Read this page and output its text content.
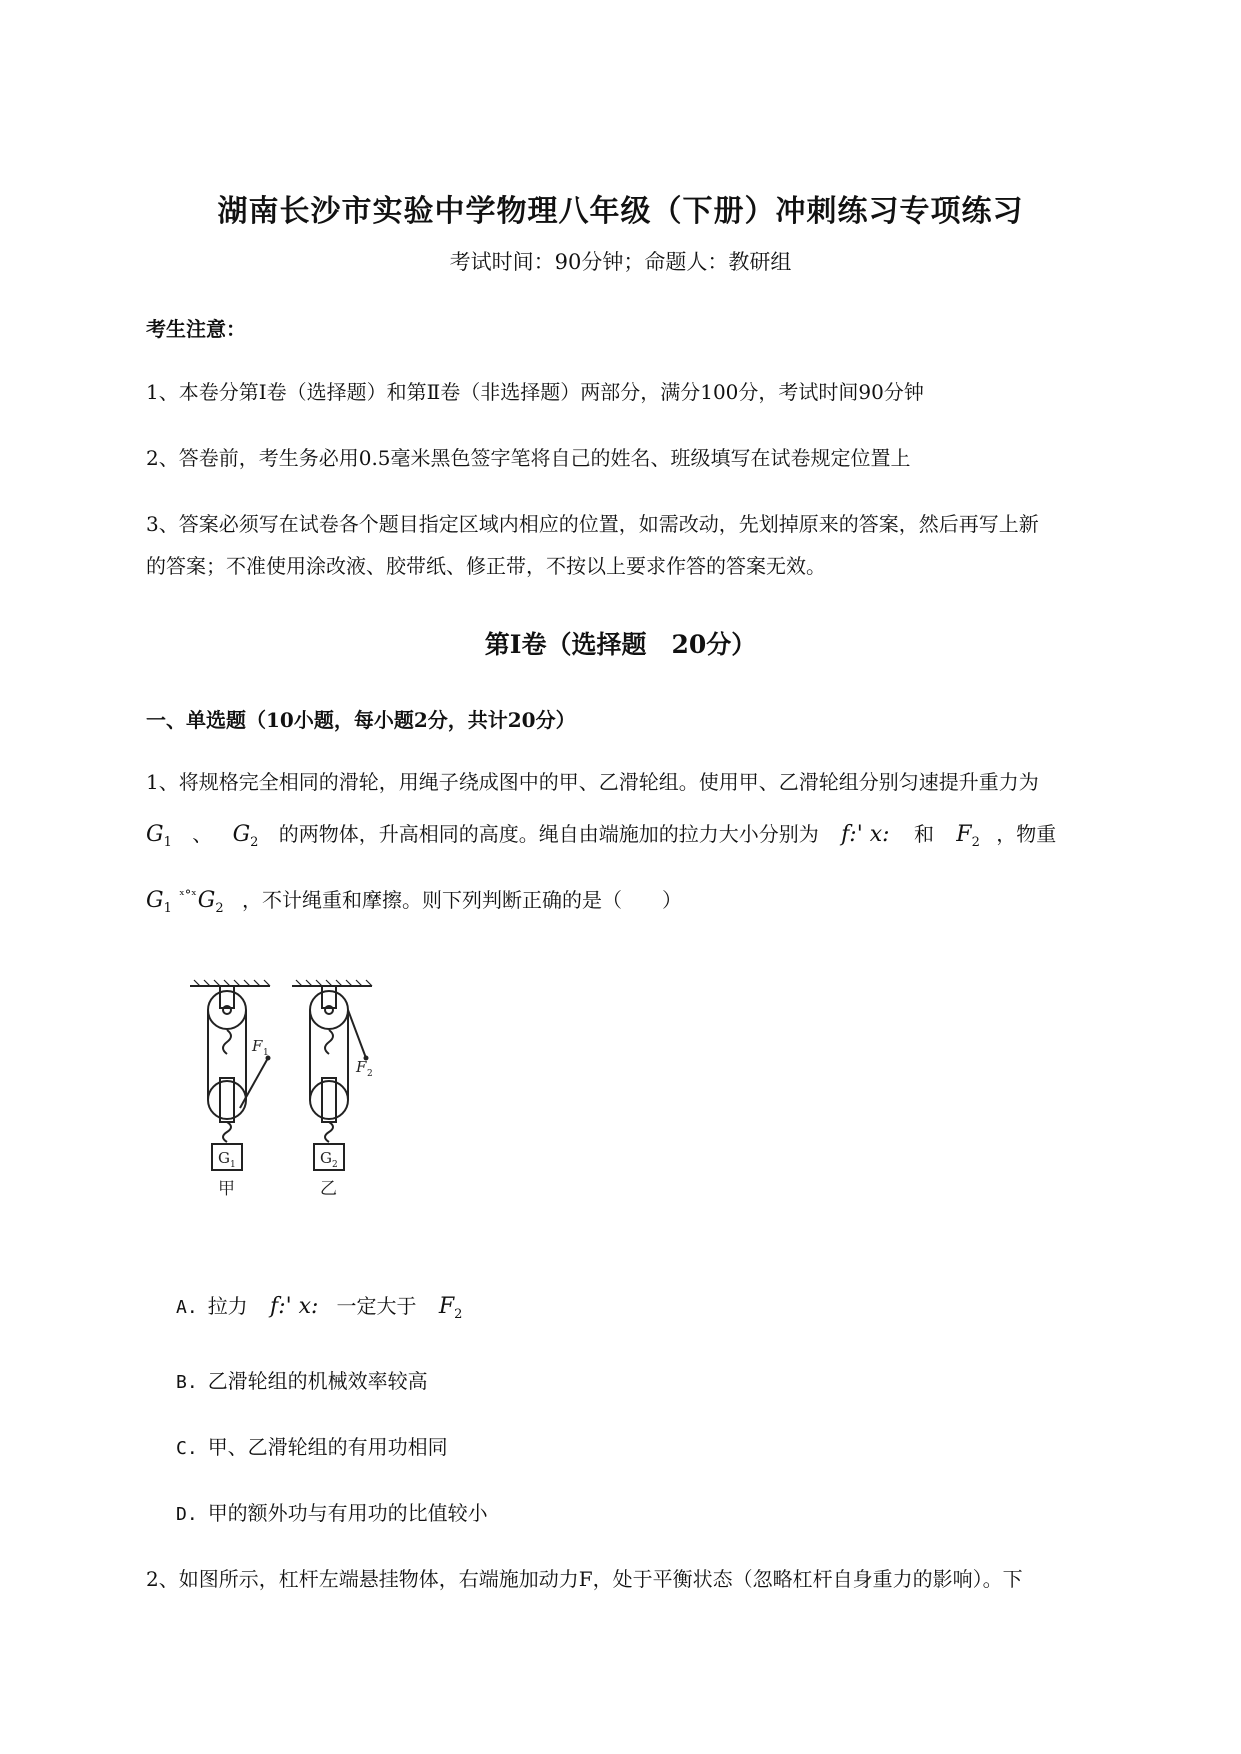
湖南长沙市实验中学物理八年级（下册）冲刺练习专项练习
考试时间：90分钟；命题人：教研组
考生注意：
1、本卷分第Ⅰ卷（选择题）和第Ⅱ卷（非选择题）两部分，满分100分，考试时间90分钟
2、答卷前，考生务必用0.5毫米黑色签字笔将自己的姓名、班级填写在试卷规定位置上
3、答案必须写在试卷各个题目指定区域内相应的位置，如需改动，先划掉原来的答案，然后再写上新
的答案；不准使用涂改液、胶带纸、修正带，不按以上要求作答的答案无效。
第Ⅰ卷（选择题　20分）
一、单选题（10小题，每小题2分，共计20分）
1、将规格完全相同的滑轮，用绳子绕成图中的甲、乙滑轮组。使用甲、乙滑轮组分别匀速提升重力为
$G_1$ 、 $G_2$ 的两物体，升高相同的高度。绳自由端施加的拉力大小分别为 f:' x: 和 $F_2$ ，物重
$G_1$ $^{ˣ^\circ ˣ}G_2$ ，不计绳重和摩擦。则下列判断正确的是（　　）
F 1
F 2
G 1	G 2
甲	乙
A. 拉力 f:' x: 一定大于 $F_2$
B. 乙滑轮组的机械效率较高
C. 甲、乙滑轮组的有用功相同
D. 甲的额外功与有用功的比值较小
2、如图所示，杠杆左端悬挂物体，右端施加动力F，处于平衡状态（忽略杠杆自身重力的影响）。下
